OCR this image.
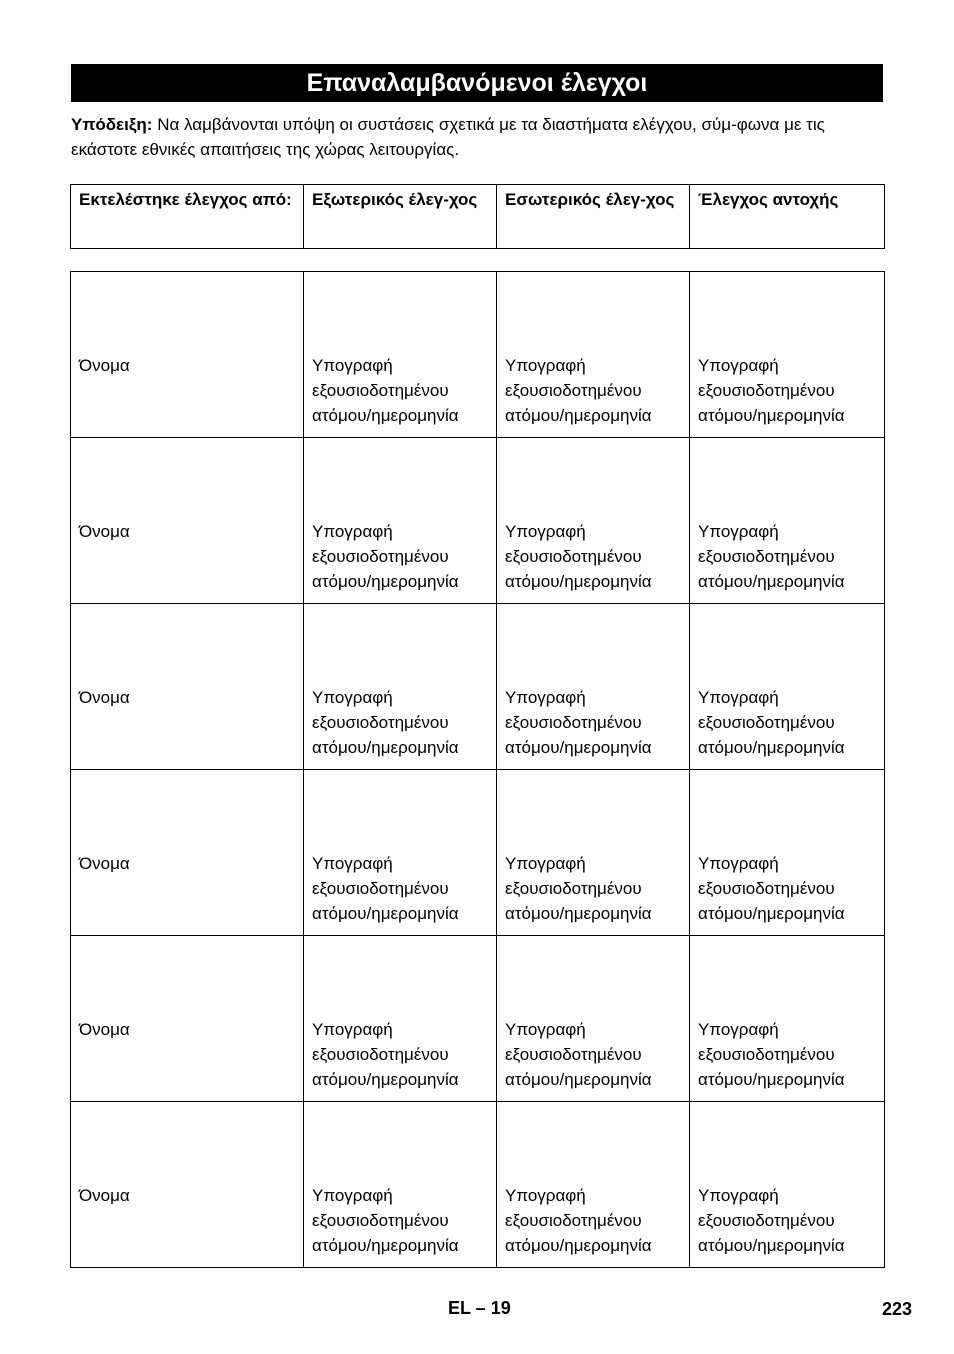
Επαναλαμβανόμενοι έλεγχοι
Υπόδειξη: Να λαμβάνονται υπόψη οι συστάσεις σχετικά με τα διαστήματα ελέγχου, σύμ-φωνα με τις εκάστοτε εθνικές απαιτήσεις της χώρας λειτουργίας.
Εκτελέστηκε έλεγχος από:	Εξωτερικός έλεγ-χος	Εσωτερικός έλεγ-χος	Έλεγχος αντοχής
Όνομα	Υπογραφή εξουσιοδοτημένου ατόμου/ημερομηνία	Υπογραφή εξουσιοδοτημένου ατόμου/ημερομηνία	Υπογραφή εξουσιοδοτημένου ατόμου/ημερομηνία
Όνομα	Υπογραφή εξουσιοδοτημένου ατόμου/ημερομηνία	Υπογραφή εξουσιοδοτημένου ατόμου/ημερομηνία	Υπογραφή εξουσιοδοτημένου ατόμου/ημερομηνία
Όνομα	Υπογραφή εξουσιοδοτημένου ατόμου/ημερομηνία	Υπογραφή εξουσιοδοτημένου ατόμου/ημερομηνία	Υπογραφή εξουσιοδοτημένου ατόμου/ημερομηνία
Όνομα	Υπογραφή εξουσιοδοτημένου ατόμου/ημερομηνία	Υπογραφή εξουσιοδοτημένου ατόμου/ημερομηνία	Υπογραφή εξουσιοδοτημένου ατόμου/ημερομηνία
Όνομα	Υπογραφή εξουσιοδοτημένου ατόμου/ημερομηνία	Υπογραφή εξουσιοδοτημένου ατόμου/ημερομηνία	Υπογραφή εξουσιοδοτημένου ατόμου/ημερομηνία
Όνομα	Υπογραφή εξουσιοδοτημένου ατόμου/ημερομηνία	Υπογραφή εξουσιοδοτημένου ατόμου/ημερομηνία	Υπογραφή εξουσιοδοτημένου ατόμου/ημερομηνία
EL – 19	223
